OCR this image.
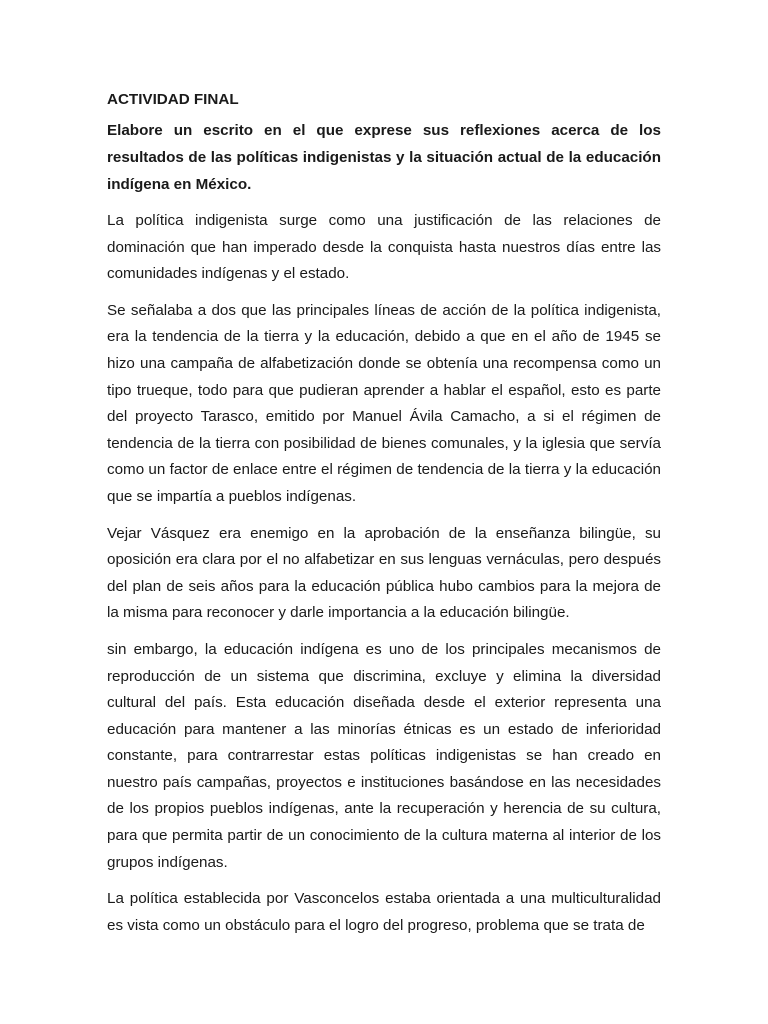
ACTIVIDAD FINAL
Elabore un escrito en el que exprese sus reflexiones acerca de los resultados de las políticas indigenistas y la situación actual de la educación indígena en México.

La política indigenista surge como una justificación de las relaciones de dominación que han imperado desde la conquista hasta nuestros días entre las comunidades indígenas y el estado.

Se señalaba a dos que las principales líneas de acción de la política indigenista, era la tendencia de la tierra y la educación, debido a que en el año de 1945 se hizo una campaña de alfabetización donde se obtenía una recompensa como un tipo trueque, todo para que pudieran aprender a hablar el español, esto es parte del proyecto Tarasco, emitido por Manuel Ávila Camacho, a si el régimen de tendencia de la tierra con posibilidad de bienes comunales, y la iglesia que servía como un factor de enlace entre el régimen de tendencia de la tierra y la educación que se impartía a pueblos indígenas.

Vejar Vásquez era enemigo en la aprobación de la enseñanza bilingüe, su oposición era clara por el no alfabetizar en sus lenguas vernáculas, pero después del plan de seis años para la educación pública hubo cambios para la mejora de la misma para reconocer y darle importancia a la educación bilingüe.

sin embargo, la educación indígena es uno de los principales mecanismos de reproducción de un sistema que discrimina, excluye y elimina la diversidad cultural del país. Esta educación diseñada desde el exterior representa una educación para mantener a las minorías étnicas es un estado de inferioridad constante, para contrarrestar estas políticas indigenistas se han creado en nuestro país campañas, proyectos e instituciones basándose en las necesidades de los propios pueblos indígenas, ante la recuperación y herencia de su cultura, para que permita partir de un conocimiento de la cultura materna al interior de los grupos indígenas.

La política establecida por Vasconcelos estaba orientada a una multiculturalidad es vista como un obstáculo para el logro del progreso, problema que se trata de
